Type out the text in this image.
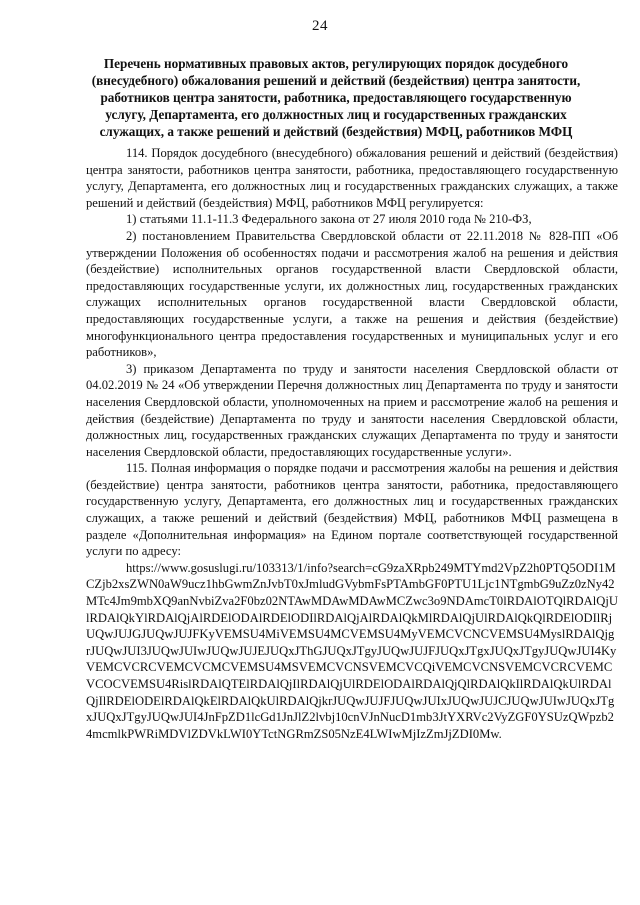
24
Перечень нормативных правовых актов, регулирующих порядок досудебного (внесудебного) обжалования решений и действий (бездействия) центра занятости, работников центра занятости, работника, предоставляющего государственную услугу, Департамента, его должностных лиц и государственных гражданских служащих, а также решений и действий (бездействия) МФЦ, работников МФЦ

114. Порядок досудебного (внесудебного) обжалования решений и действий (бездействия) центра занятости, работников центра занятости, работника, предоставляющего государственную услугу, Департамента, его должностных лиц и государственных гражданских служащих, а также решений и действий (бездействия) МФЦ, работников МФЦ регулируется:

1) статьями 11.1-11.3 Федерального закона от 27 июля 2010 года № 210-ФЗ,

2) постановлением Правительства Свердловской области от 22.11.2018 № 828-ПП «Об утверждении Положения об особенностях подачи и рассмотрения жалоб на решения и действия (бездействие) исполнительных органов государственной власти Свердловской области, предоставляющих государственные услуги, их должностных лиц, государственных гражданских служащих исполнительных органов государственной власти Свердловской области, предоставляющих государственные услуги, а также на решения и действия (бездействие) многофункционального центра предоставления государственных и муниципальных услуг и его работников»,

3) приказом Департамента по труду и занятости населения Свердловской области от 04.02.2019 № 24 «Об утверждении Перечня должностных лиц Департамента по труду и занятости населения Свердловской области, уполномоченных на прием и рассмотрение жалоб на решения и действия (бездействие) Департамента по труду и занятости населения Свердловской области, должностных лиц, государственных гражданских служащих Департамента по труду и занятости населения Свердловской области, предоставляющих государственные услуги».

115. Полная информация о порядке подачи и рассмотрения жалобы на решения и действия (бездействие) центра занятости, работников центра занятости, работника, предоставляющего государственную услугу, Департамента, его должностных лиц и государственных гражданских служащих, а также решений и действий (бездействия) МФЦ, работников МФЦ размещена в разделе «Дополнительная информация» на Едином портале соответствующей государственной услуги по адресу:

https://www.gosuslugi.ru/103313/1/info?search=cG9zaXRpb249MTYmd2VpZ2h0PTQ5ODI1MCZjb2xsZWN0aW9ucz1hbGwmZnJvbT0xJmludGVybmFsPTAmbGF0PTU1Ljc1NTgmbG9uZz0zNy42MTc4Jm9mbXQ9anNvbiZva2F0bz02NTAwMDAwMDAwMCZwc3o9NDAmcT0lRDAlOTQlRDAlQjUlRDAlQkYlRDAlQjAlRDElODAlRDElODIlRDAlQjAlRDAlQkMlRDAlQjUlRDAlQkQlRDElODIlRjUQwJUJGJUQwJUJFKyVEMSU4MiVEMSU4MCVEMSU4MyVEMCVCNCVEMSU4MyslRDAlQjgrJUQwJUI3JUQwJUIwJUQwJUJEJUQxJThGJUQxJTgyJUQwJUJFJUQxJTgxJUQxJTgyJUQwJUI4KyVEMCVCRCVEMCVCMCVEMSU4MSVEMCVCNSVEMCVCQiVEMCVCNSVEMCVCRCVEMCVCOCVEMSU4RislRDAlQTElRDAlQjIlRDAlQjUlRDElODAlRDAlQjQlRDAlQkIlRDAlQkUlRDAlQjIlRDElODElRDAlQkElRDAlQkUlRDAlQjkrJUQwJUJFJUQwJUIxJUQwJUJCJUQwJUIwJUQxJTgxJUQxJTgyJUQwJUI4JnFpZD1lcGd1JnJlZ2lvbj10cnVJnNucD1mb3JtYXRVc2VyZGF0YSUzQWpzb24mcmlkPWRiMDVlZDVkLWI0YTctNGRmZS05NzE4LWIwMjIzZmJjZDI0Mw.
